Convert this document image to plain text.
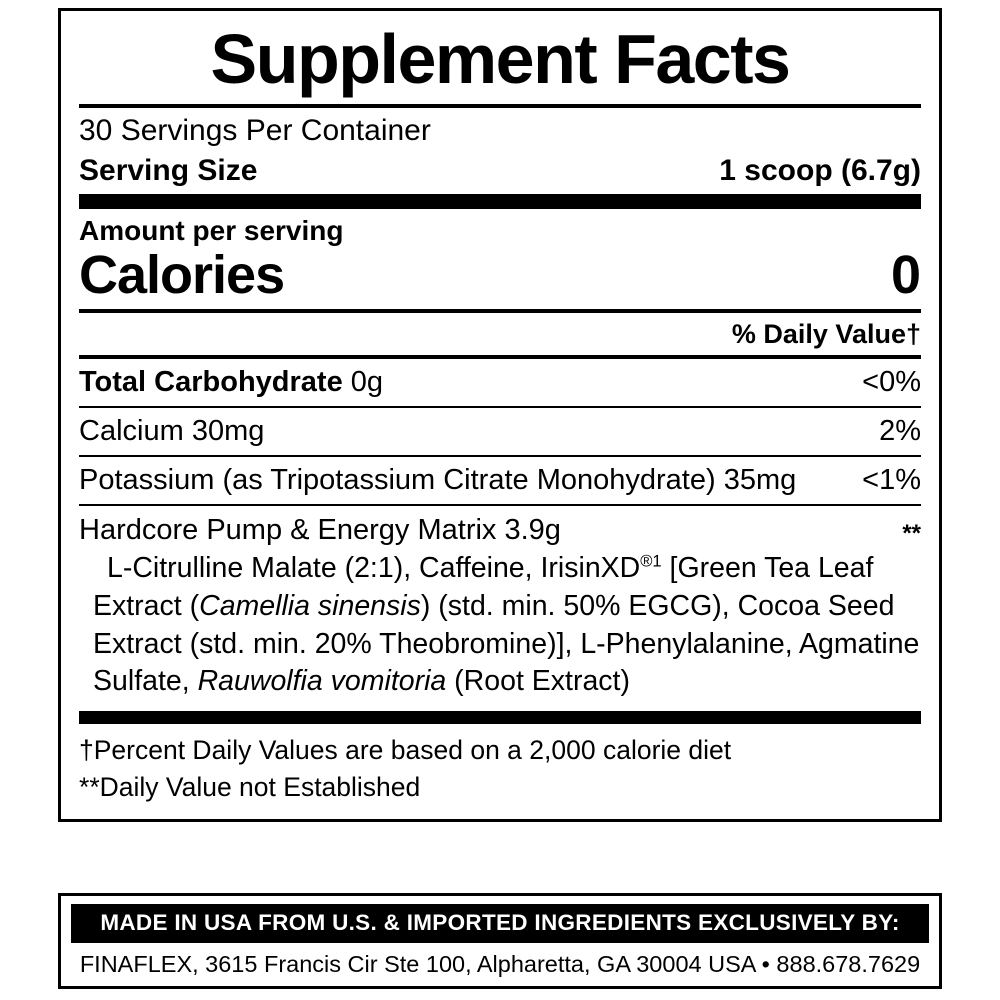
Supplement Facts
30 Servings Per Container
Serving Size	1 scoop (6.7g)
Amount per serving
Calories	0
% Daily Value†
Total Carbohydrate 0g	<0%
Calcium 30mg	2%
Potassium (as Tripotassium Citrate Monohydrate) 35mg	<1%
Hardcore Pump & Energy Matrix 3.9g	**
L-Citrulline Malate (2:1), Caffeine, IrisinXD$^{®1}$ [Green Tea Leaf Extract (Camellia sinensis) (std. min. 50% EGCG), Cocoa Seed Extract (std. min. 20% Theobromine)], L-Phenylalanine, Agmatine Sulfate, Rauwolfia vomitoria (Root Extract)
†Percent Daily Values are based on a 2,000 calorie diet
**Daily Value not Established
MADE IN USA FROM U.S. & IMPORTED INGREDIENTS EXCLUSIVELY BY:
FINAFLEX, 3615 Francis Cir Ste 100, Alpharetta, GA 30004 USA • 888.678.7629
